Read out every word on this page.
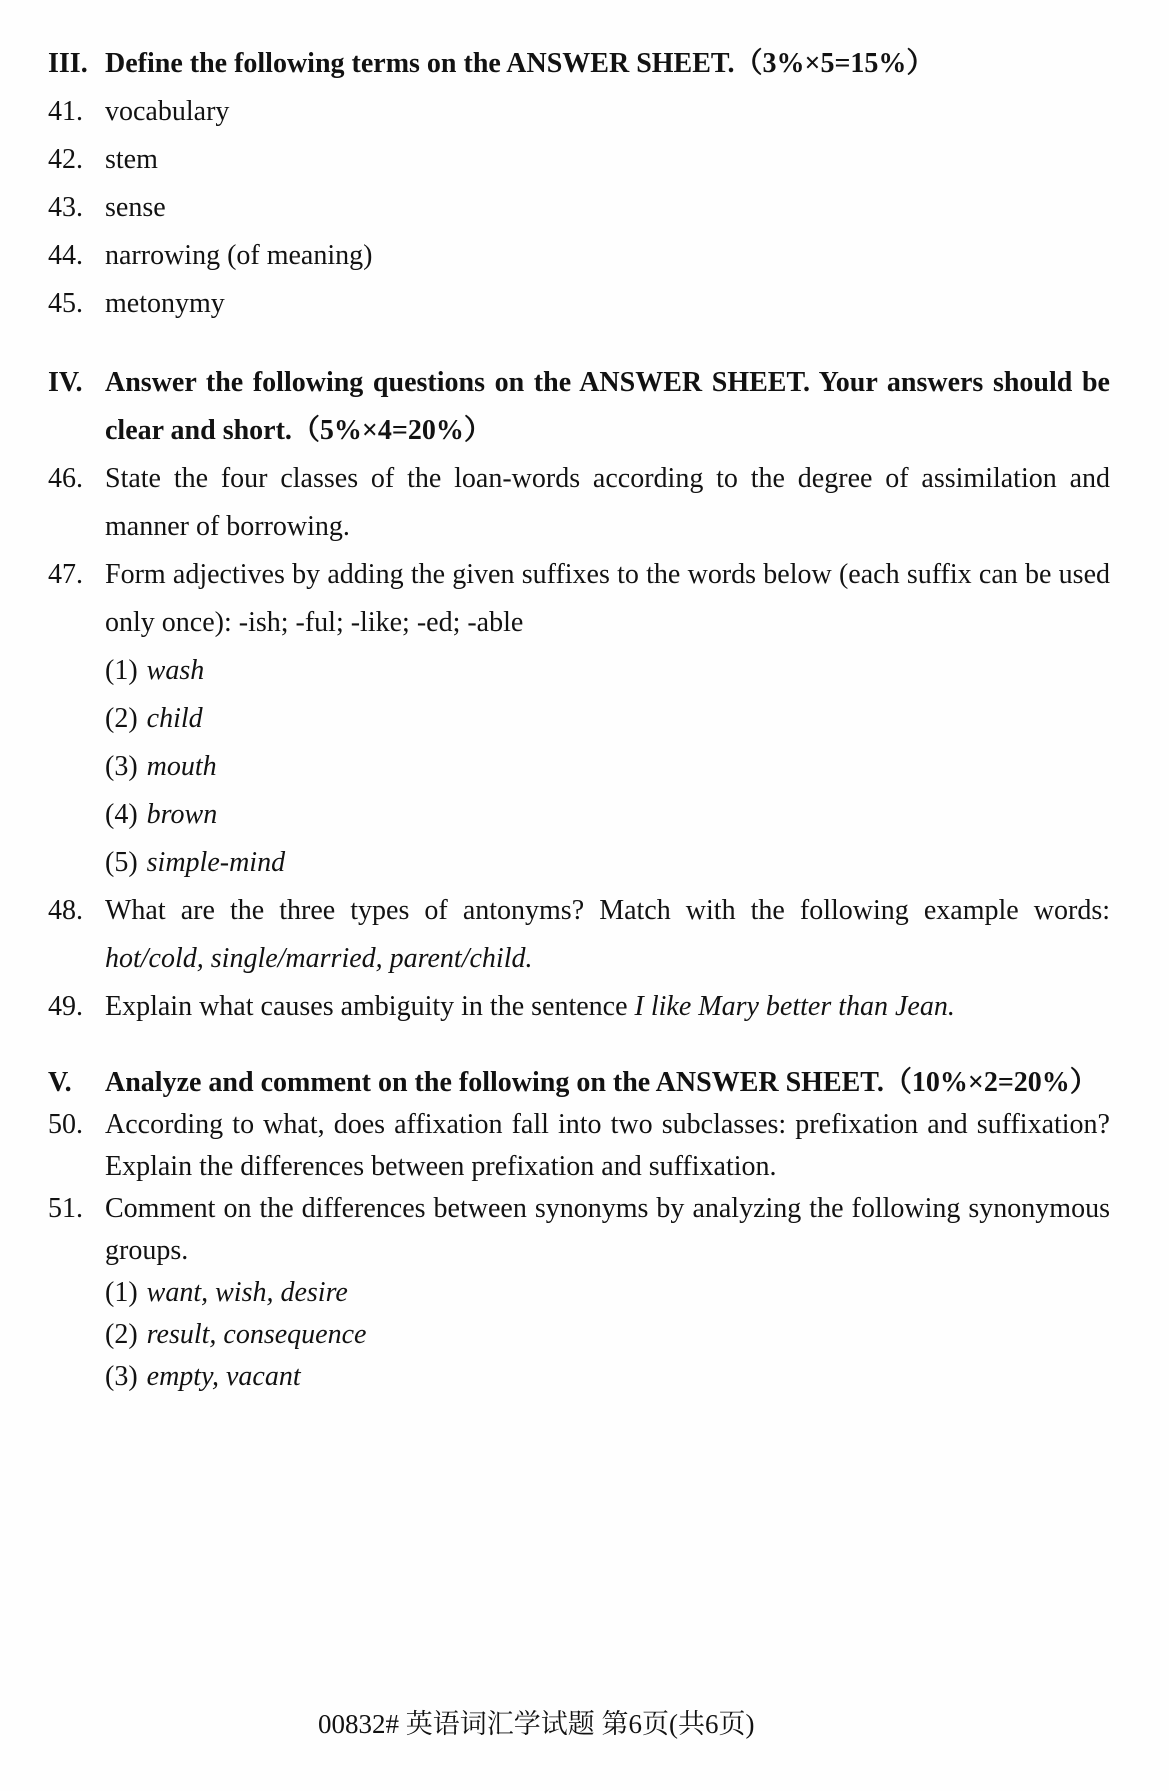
III. Define the following terms on the ANSWER SHEET.（3%×5=15%）
41. vocabulary
42. stem
43. sense
44. narrowing (of meaning)
45. metonymy
IV. Answer the following questions on the ANSWER SHEET. Your answers should be clear and short.（5%×4=20%）
46. State the four classes of the loan-words according to the degree of assimilation and manner of borrowing.
47. Form adjectives by adding the given suffixes to the words below (each suffix can be used only once): -ish; -ful; -like; -ed; -able
(1) wash
(2) child
(3) mouth
(4) brown
(5) simple-mind
48. What are the three types of antonyms? Match with the following example words: hot/cold, single/married, parent/child.
49. Explain what causes ambiguity in the sentence I like Mary better than Jean.
V.	Analyze and comment on the following on the ANSWER SHEET.（10%×2=20%）
50. According to what, does affixation fall into two subclasses: prefixation and suffixation? Explain the differences between prefixation and suffixation.
51. Comment on the differences between synonyms by analyzing the following synonymous groups.
(1) want, wish, desire
(2) result, consequence
(3) empty, vacant
00832# 英语词汇学试题 第6页(共6页)
